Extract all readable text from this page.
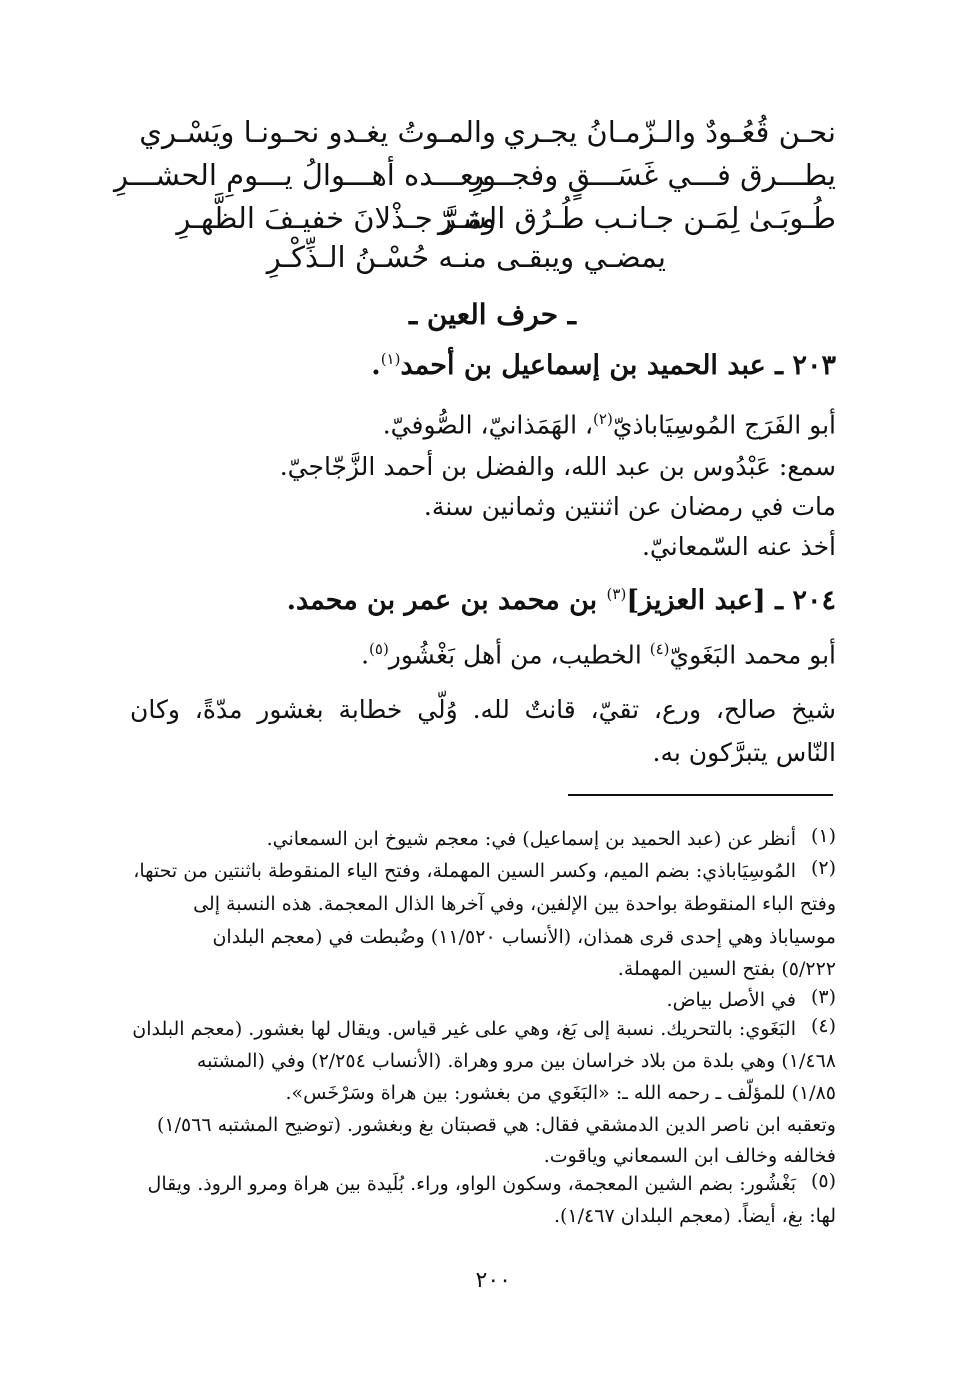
نحـن قُعُـودٌ والـزّمـانُ يجـري
والمـوتُ يغـدو نحـونـا ويَسْـري
يطـــرق فـــي غَسَـــقٍ وفجـــرِ
وبعـــده أهـــوالُ يـــومِ الحشـــرِ
طُـوبَـىٰ لِمَـن جـانـب طُـرُق الشـرّ
ومَـرَّ جـذْلانَ خفيـفَ الظَّهـرِ
يمضـي ويبقـى منـه حُسْـنُ الـذِّكْـرِ
ـ حرف العين ـ
٢٠٣ ـ عبد الحميد بن إسماعيل بن أحمد$^{(١)}$.
أبو الفَرَج المُوسِيَاباذيّ$^{(٢)}$، الهَمَذانيّ، الصُّوفيّ.
سمع: عَبْدُوس بن عبد الله، والفضل بن أحمد الزَّجّاجيّ.
مات في رمضان عن اثنتين وثمانين سنة.
أخذ عنه السّمعانيّ.
٢٠٤ ـ [عبد العزيز]$^{(٣)}$ بن محمد بن عمر بن محمد.
أبو محمد البَغَويّ$^{(٤)}$ الخطيب، من أهل بَغْشُور$^{(٥)}$.
شيخ صالح، ورع، تقيّ، قانتٌ لله. وُلّي خطابة بغشور مدّةً، وكان
النّاس يتبرَّكون به.
(١)
أنظر عن (عبد الحميد بن إسماعيل) في: معجم شيوخ ابن السمعاني.
(٢)
المُوسِيَاباذي: بضم الميم، وكسر السين المهملة، وفتح الياء المنقوطة باثنتين من تحتها،
وفتح الباء المنقوطة بواحدة بين الإلفين، وفي آخرها الذال المعجمة. هذه النسبة إلى
موسياباذ وهي إحدى قرى همذان، (الأنساب ١١/٥٢٠) وضُبطت في (معجم البلدان
٥/٢٢٢) بفتح السين المهملة.
(٣)
في الأصل بياض.
(٤)
البَغَوي: بالتحريك. نسبة إلى بَغ، وهي على غير قياس. ويقال لها بغشور. (معجم البلدان
١/٤٦٨) وهي بلدة من بلاد خراسان بين مرو وهراة. (الأنساب ٢/٢٥٤) وفي (المشتبه
١/٨٥) للمؤلّف ـ رحمه الله ـ: «البَغَوي من بغشور: بين هراة وسَرْخَس».
وتعقبه ابن ناصر الدين الدمشقي فقال: هي قصبتان بغ وبغشور. (توضيح المشتبه ١/٥٦٦)
فخالفه وخالف ابن السمعاني وياقوت.
(٥)
بَغْشُور: بضم الشين المعجمة، وسكون الواو، وراء. بُلَيدة بين هراة ومرو الروذ. ويقال
لها: بغ، أيضاً. (معجم البلدان ١/٤٦٧).
٢٠٠
